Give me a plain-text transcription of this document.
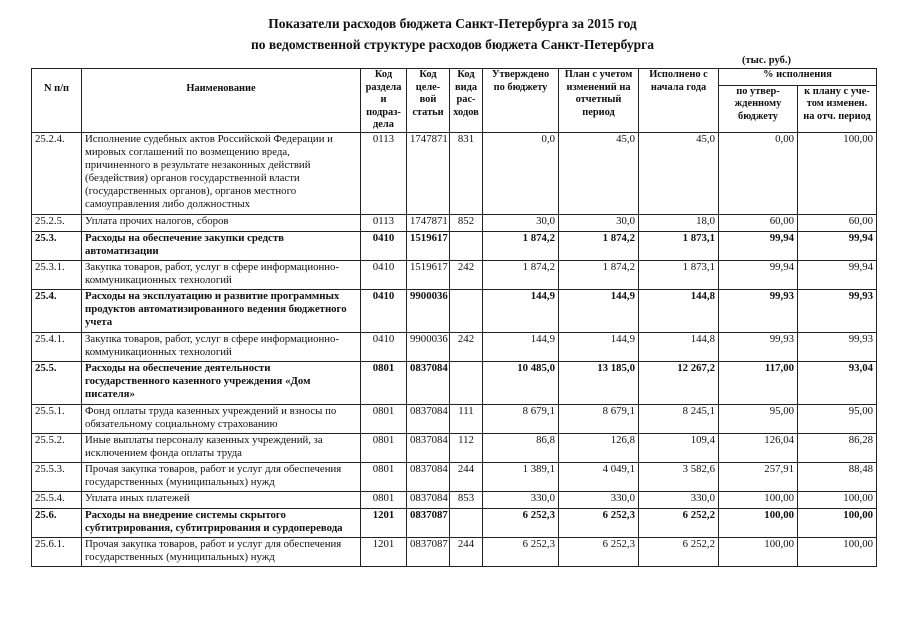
Показатели расходов бюджета Санкт-Петербурга за 2015 год
по ведомственной структуре расходов бюджета Санкт-Петербурга
(тыс. руб.)
N п/п	Наименование	Код раздела и подраз-дела	Код целе-вой статьи	Код вида рас-ходов	Утверждено по бюджету	План с учетом изменений на отчетный период	Исполнено с начала года	% исполнения	
								по утвер-жденному бюджету	к плану с уче-том изменен. на отч. период
25.2.4.	Исполнение судебных актов Российской Федерации и мировых соглашений по возмещению вреда, причиненного в результате незаконных действий (бездействия) органов государственной власти (государственных органов), органов местного самоуправления либо должностных	0113	1747871	831	0,0	45,0	45,0	0,00	100,00
25.2.5.	Уплата прочих налогов, сборов	0113	1747871	852	30,0	30,0	18,0	60,00	60,00
25.3.	Расходы на обеспечение закупки средств автоматизации	0410	1519617		1 874,2	1 874,2	1 873,1	99,94	99,94
25.3.1.	Закупка товаров, работ, услуг в сфере информационно-коммуникационных технологий	0410	1519617	242	1 874,2	1 874,2	1 873,1	99,94	99,94
25.4.	Расходы на эксплуатацию и развитие программных продуктов автоматизированного ведения бюджетного учета	0410	9900036		144,9	144,9	144,8	99,93	99,93
25.4.1.	Закупка товаров, работ, услуг в сфере информационно-коммуникационных технологий	0410	9900036	242	144,9	144,9	144,8	99,93	99,93
25.5.	Расходы на обеспечение деятельности государственного казенного учреждения «Дом писателя»	0801	0837084		10 485,0	13 185,0	12 267,2	117,00	93,04
25.5.1.	Фонд оплаты труда казенных учреждений и взносы по обязательному социальному страхованию	0801	0837084	111	8 679,1	8 679,1	8 245,1	95,00	95,00
25.5.2.	Иные выплаты персоналу казенных учреждений, за исключением фонда оплаты труда	0801	0837084	112	86,8	126,8	109,4	126,04	86,28
25.5.3.	Прочая закупка товаров, работ и услуг для обеспечения государственных (муниципальных) нужд	0801	0837084	244	1 389,1	4 049,1	3 582,6	257,91	88,48
25.5.4.	Уплата иных платежей	0801	0837084	853	330,0	330,0	330,0	100,00	100,00
25.6.	Расходы на внедрение системы скрытого субтитрирования, субтитрирования и сурдоперевода	1201	0837087		6 252,3	6 252,3	6 252,2	100,00	100,00
25.6.1.	Прочая закупка товаров, работ и услуг для обеспечения государственных (муниципальных) нужд	1201	0837087	244	6 252,3	6 252,3	6 252,2	100,00	100,00
